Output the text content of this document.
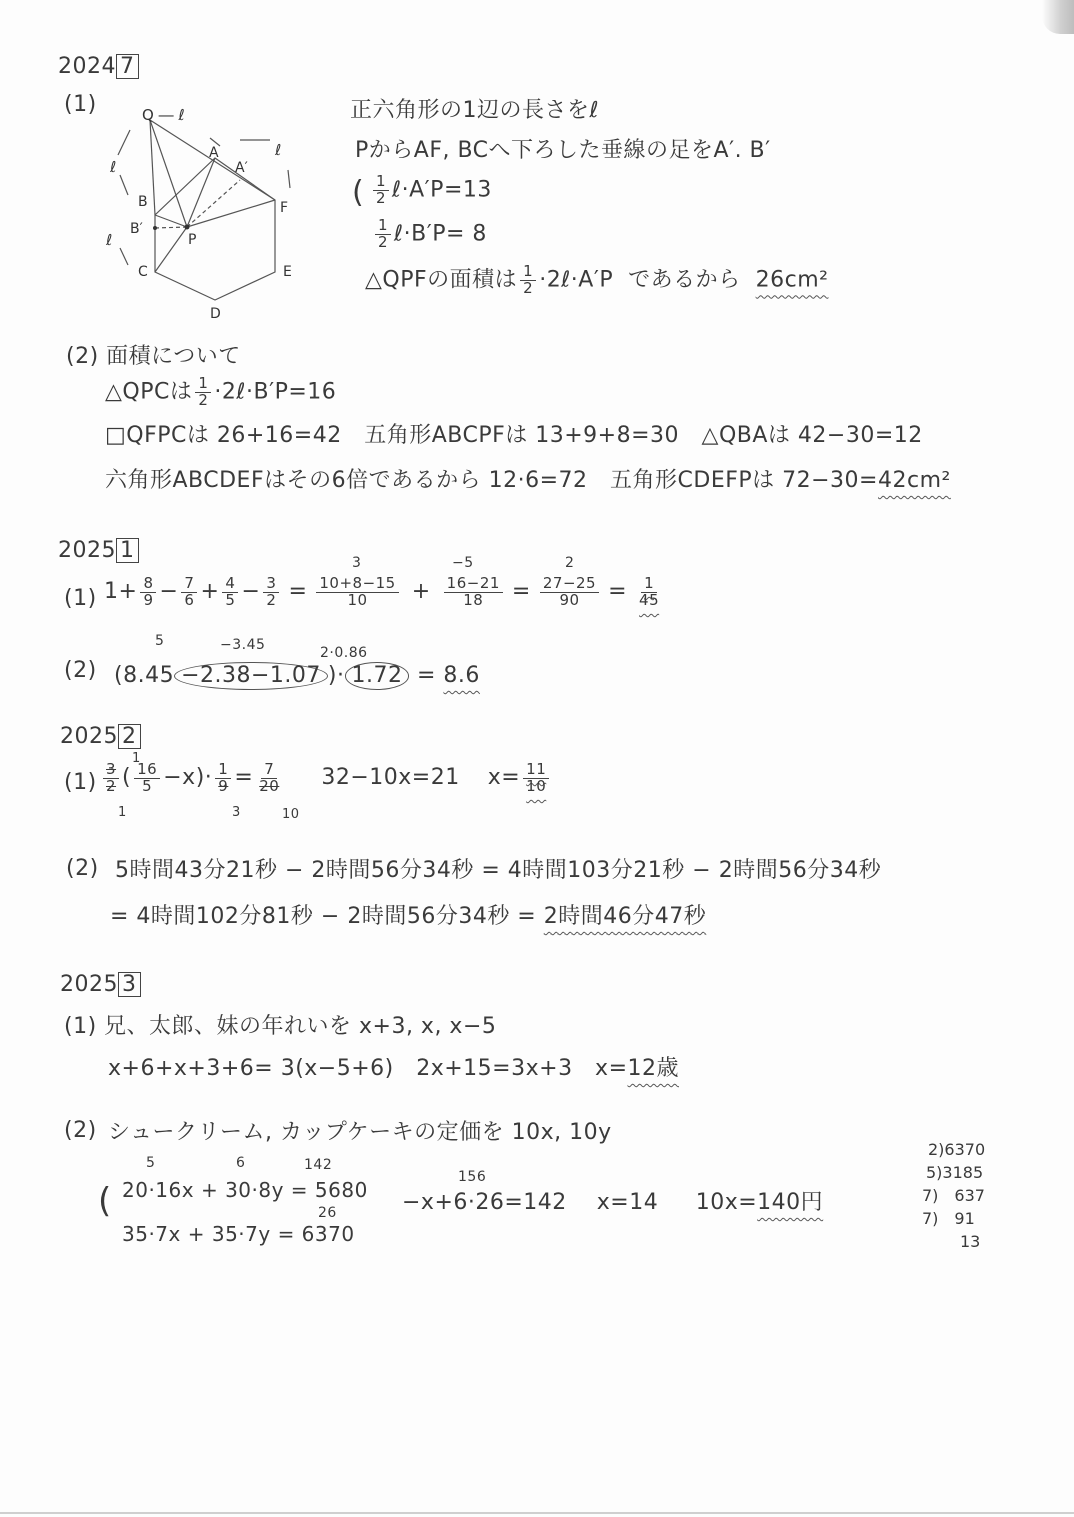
2024 7
(1)	Q ― ℓ
A
A′
ℓ
ℓ
B
B′
ℓ	P
F
C	E
D
正六角形の1辺の長さをℓ
PからAF, BCへ下ろした垂線の足をA′. B′
( $\frac{1}{2}$ ℓ·A′P=13
$\frac{1}{2}$ ℓ·B′P= 8
△QPFの面積は $\frac{1}{2}$ ·2ℓ·A′P であるから 26cm²
(2) 面積について
△QPCは $\frac{1}{2}$ ·2ℓ·B′P=16
□QFPCは 26+16=42　五角形ABCPFは 13+9+8=30　△QBAは 42−30=12
六角形ABCDEFはその6倍であるから 12·6=72　五角形CDEFPは 72−30=42cm²
2025 1
(1)
3	−5	2
$1+ \frac{8}{9} - \frac{7}{6} + \frac{4}{5} - \frac{3}{2} = \frac{10+8-15}{10} + \frac{16-21}{18} = \frac{27-25}{90} = \frac{1}{45}$
5	−3.45	2·0.86
(2) (8.45 −2.38−1.07 )· 1.72 = 8.6
2025 2
(1)
1
1	3	10
$\frac{3}{2}$ ( $\frac{16}{5} -x)\cdot \frac{1}{9} = \frac{7}{20} 32-10x=21$ $x= \frac{11}{10}$
(2) 5時間43分21秒 − 2時間56分34秒 = 4時間103分21秒 − 2時間56分34秒
= 4時間102分81秒 − 2時間56分34秒 = 2時間46分47秒
2025 3
(1) 兄、太郎、妹の年れいを x+3, x, x−5
x+6+x+3+6= 3(x−5+6)　2x+15=3x+3 x=12歳
(2) シュークリーム, カップケーキの定価を 10x, 10y
5	6	142
26
156
( 20·16x + 30·8y = 5680
35·7x + 35·7y = 6370
−x+6·26=142 x=14 10x=140円
2)6370
5)3185
7)　637
7)　91
13
